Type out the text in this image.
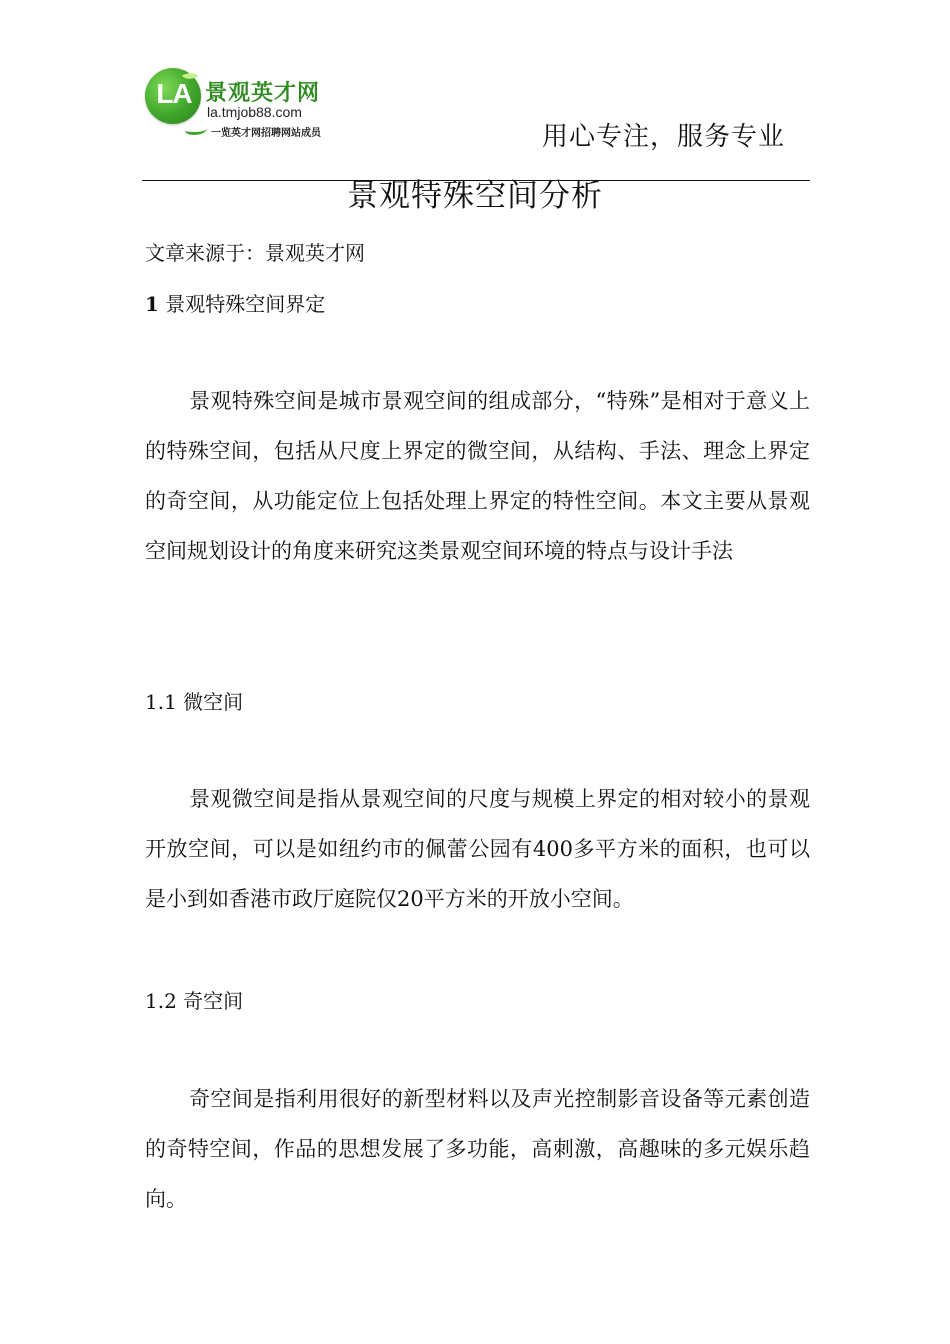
LA 景观英才网
la.tmjob88.com
一览英才网招聘网站成员	用心专注，服务专业
景观特殊空间分析
文章来源于：景观英才网
1 景观特殊空间界定
景观特殊空间是城市景观空间的组成部分，“特殊”是相对于意义上的特殊空间，包括从尺度上界定的微空间，从结构、手法、理念上界定的奇空间，从功能定位上包括处理上界定的特性空间。本文主要从景观空间规划设计的角度来研究这类景观空间环境的特点与设计手法
1.1 微空间
景观微空间是指从景观空间的尺度与规模上界定的相对较小的景观开放空间，可以是如纽约市的佩蕾公园有400多平方米的面积，也可以是小到如香港市政厅庭院仅20平方米的开放小空间。
1.2 奇空间
奇空间是指利用很好的新型材料以及声光控制影音设备等元素创造的奇特空间，作品的思想发展了多功能，高刺激，高趣味的多元娱乐趋向。
